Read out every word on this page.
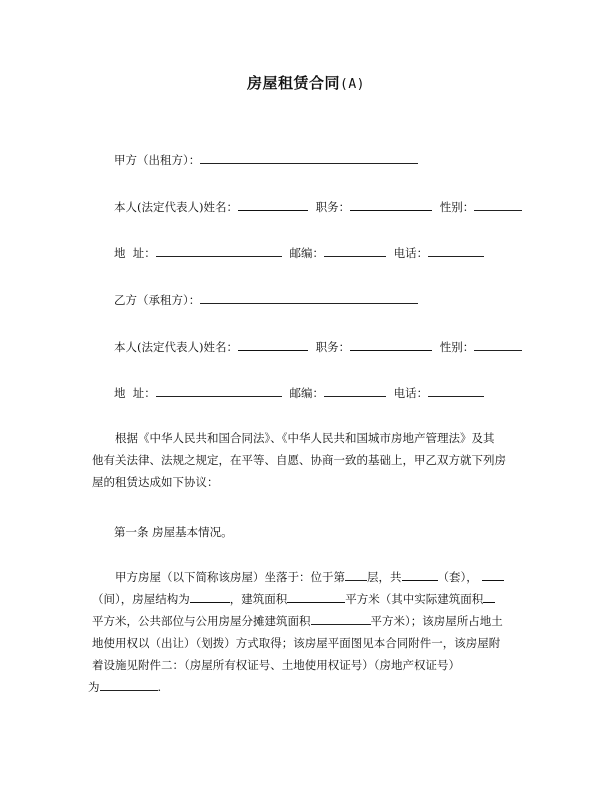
房屋租赁合同(A)
甲方（出租方）：
本人(法定代表人)姓名：	职务：	性别：
地  址：	邮编：	电话：
乙方（承租方）：
本人(法定代表人)姓名：	职务：	性别：
地  址：	邮编：	电话：

根据《中华人民共和国合同法》、《中华人民共和国城市房地产管理法》及其

他有关法律、法规之规定，在平等、自愿、协商一致的基础上，甲乙双方就下列房

屋的租赁达成如下协议：

第一条 房屋基本情况。

甲方房屋（以下简称该房屋）坐落于：位于第 层，共	（套），

（间），房屋结构为	，建筑面积	平方米（其中实际建筑面积

平方米，公共部位与公用房屋分摊建筑面积	平方米）；该房屋所占地土

地使用权以（出让）（划拨）方式取得；该房屋平面图见本合同附件一，该房屋附

着设施见附件二：（房屋所有权证号、土地使用权证号）（房地产权证号）

为	.
